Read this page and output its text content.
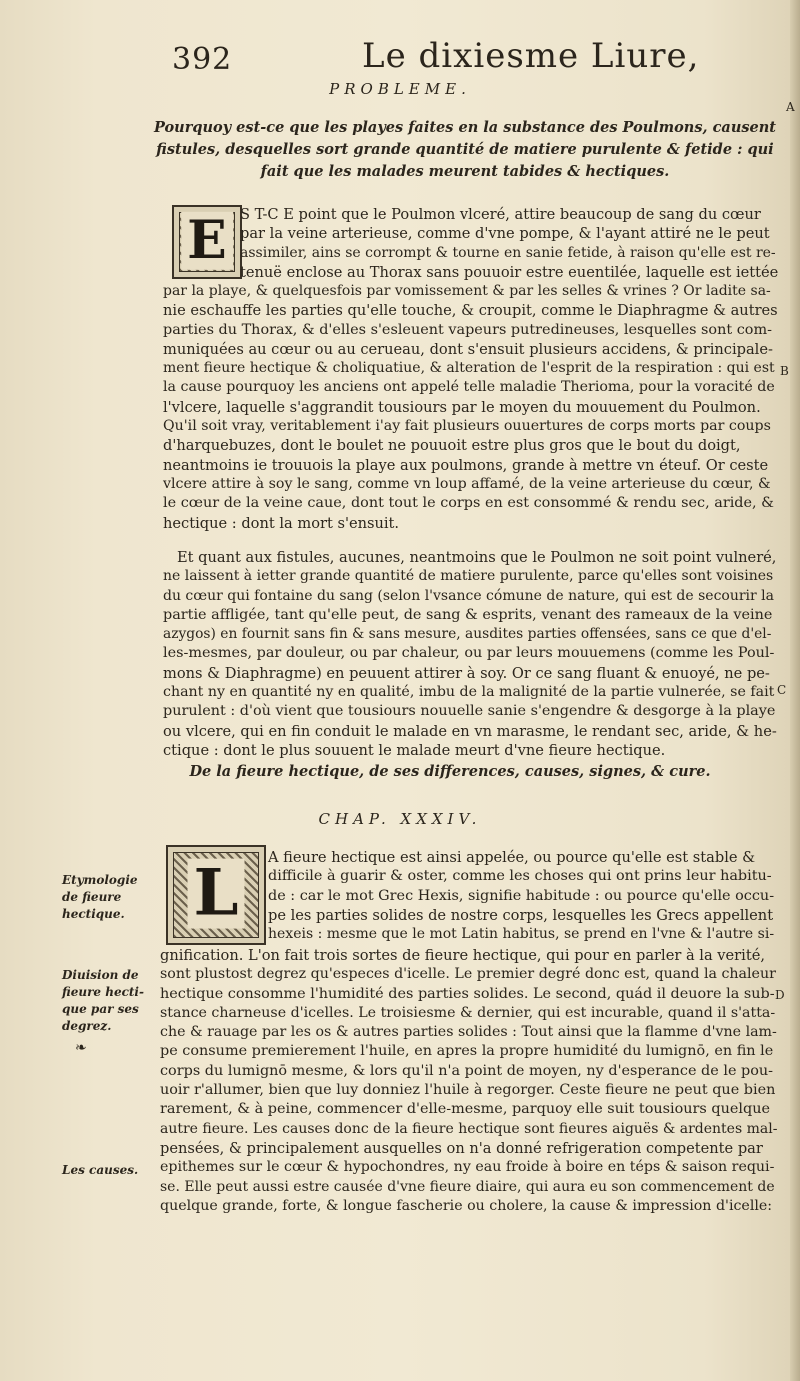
392	Le dixiesme Liure,
PROBLEME.
Pourquoy est-ce que les playes faites en la substance des Poulmons, causent fistules, desquelles sort grande quantité de matiere purulente & fetide : qui fait que les malades meurent tabides & hectiques.
A
B
C
D
E S T-C E point que le Poulmon vlceré, attire beaucoup de sang du cœur
par la veine arterieuse, comme d'vne pompe, & l'ayant attiré ne le peut
assimiler, ains se corrompt & tourne en sanie fetide, à raison qu'elle est re-
tenuë enclose au Thorax sans pouuoir estre euentilée, laquelle est iettée
par la playe, & quelquesfois par vomissement & par les selles & vrines ? Or ladite sa-
nie eschauffe les parties qu'elle touche, & croupit, comme le Diaphragme & autres
parties du Thorax, & d'elles s'esleuent vapeurs putredineuses, lesquelles sont com-
muniquées au cœur ou au cerueau, dont s'ensuit plusieurs accidens, & principale-
ment fieure hectique & choliquatiue, & alteration de l'esprit de la respiration : qui est
la cause pourquoy les anciens ont appelé telle maladie Therioma, pour la voracité de
l'vlcere, laquelle s'aggrandit tousiours par le moyen du mouuement du Poulmon.
Qu'il soit vray, veritablement i'ay fait plusieurs ouuertures de corps morts par coups
d'harquebuzes, dont le boulet ne pouuoit estre plus gros que le bout du doigt,
neantmoins ie trouuois la playe aux poulmons, grande à mettre vn éteuf. Or ceste
vlcere attire à soy le sang, comme vn loup affamé, de la veine arterieuse du cœur, &
le cœur de la veine caue, dont tout le corps en est consommé & rendu sec, aride, &
hectique : dont la mort s'ensuit.
Et quant aux fistules, aucunes, neantmoins que le Poulmon ne soit point vulneré,
ne laissent à ietter grande quantité de matiere purulente, parce qu'elles sont voisines
du cœur qui fontaine du sang (selon l'vsance cómune de nature, qui est de secourir la
partie affligée, tant qu'elle peut, de sang & esprits, venant des rameaux de la veine
azygos) en fournit sans fin & sans mesure, ausdites parties offensées, sans ce que d'el-
les-mesmes, par douleur, ou par chaleur, ou par leurs mouuemens (comme les Poul-
mons & Diaphragme) en peuuent attirer à soy. Or ce sang fluant & enuoyé, ne pe-
chant ny en quantité ny en qualité, imbu de la malignité de la partie vulnerée, se fait
purulent : d'où vient que tousiours nouuelle sanie s'engendre & desgorge à la playe
ou vlcere, qui en fin conduit le malade en vn marasme, le rendant sec, aride, & he-
ctique : dont le plus souuent le malade meurt d'vne fieure hectique.
De la fieure hectique, de ses differences, causes, signes, & cure.
CHAP. XXXIV.
Etymologie de fieure hectique.
Diuision de fieure hecti-que par ses degrez.
❧
Les causes.
L	A fieure hectique est ainsi appelée, ou pource qu'elle est stable &
difficile à guarir & oster, comme les choses qui ont prins leur habitu-
de : car le mot Grec Hexis, signifie habitude : ou pource qu'elle occu-
pe les parties solides de nostre corps, lesquelles les Grecs appellent
hexeis : mesme que le mot Latin habitus, se prend en l'vne & l'autre si-
gnification. L'on fait trois sortes de fieure hectique, qui pour en parler à la verité,
sont plustost degrez qu'especes d'icelle. Le premier degré donc est, quand la chaleur
hectique consomme l'humidité des parties solides. Le second, quád il deuore la sub-
stance charneuse d'icelles. Le troisiesme & dernier, qui est incurable, quand il s'atta-
che & rauage par les os & autres parties solides : Tout ainsi que la flamme d'vne lam-
pe consume premierement l'huile, en apres la propre humidité du lumignō, en fin le
corps du lumignō mesme, & lors qu'il n'a point de moyen, ny d'esperance de le pou-
uoir r'allumer, bien que luy donniez l'huile à regorger. Ceste fieure ne peut que bien
rarement, & à peine, commencer d'elle-mesme, parquoy elle suit tousiours quelque
autre fieure. Les causes donc de la fieure hectique sont fieures aiguës & ardentes mal-
pensées, & principalement ausquelles on n'a donné refrigeration competente par
epithemes sur le cœur & hypochondres, ny eau froide à boire en téps & saison requi-
se. Elle peut aussi estre causée d'vne fieure diaire, qui aura eu son commencement de
quelque grande, forte, & longue fascherie ou cholere, la cause & impression d'icelle:
